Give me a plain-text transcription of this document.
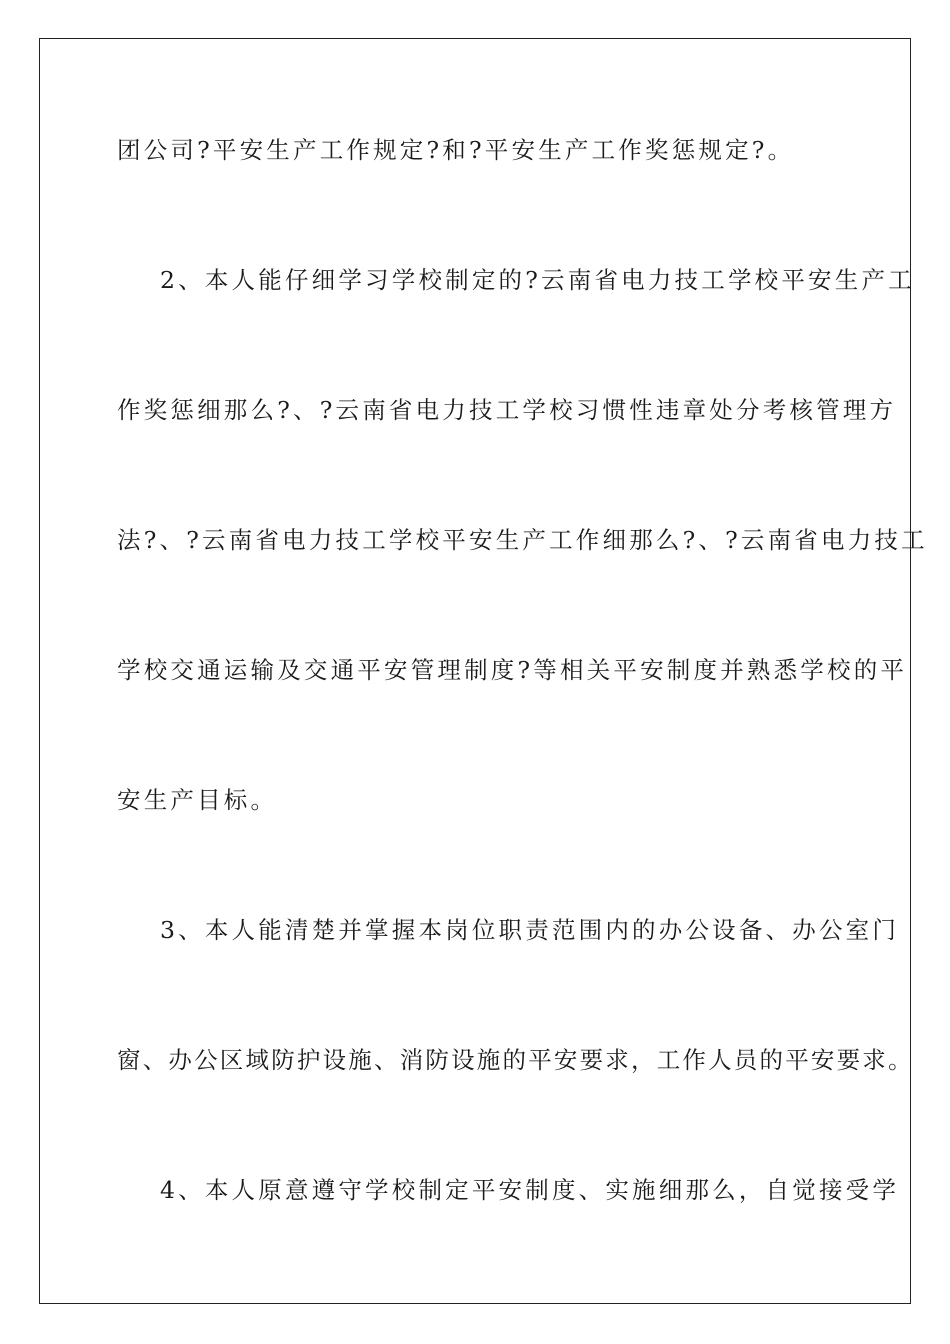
团公司?平安生产工作规定?和?平安生产工作奖惩规定?。
2、本人能仔细学习学校制定的?云南省电力技工学校平安生产工
作奖惩细那么?、?云南省电力技工学校习惯性违章处分考核管理方
法?、?云南省电力技工学校平安生产工作细那么?、?云南省电力技工
学校交通运输及交通平安管理制度?等相关平安制度并熟悉学校的平
安生产目标。
3、本人能清楚并掌握本岗位职责范围内的办公设备、办公室门
窗、办公区域防护设施、消防设施的平安要求，工作人员的平安要求。
4、本人原意遵守学校制定平安制度、实施细那么，自觉接受学
